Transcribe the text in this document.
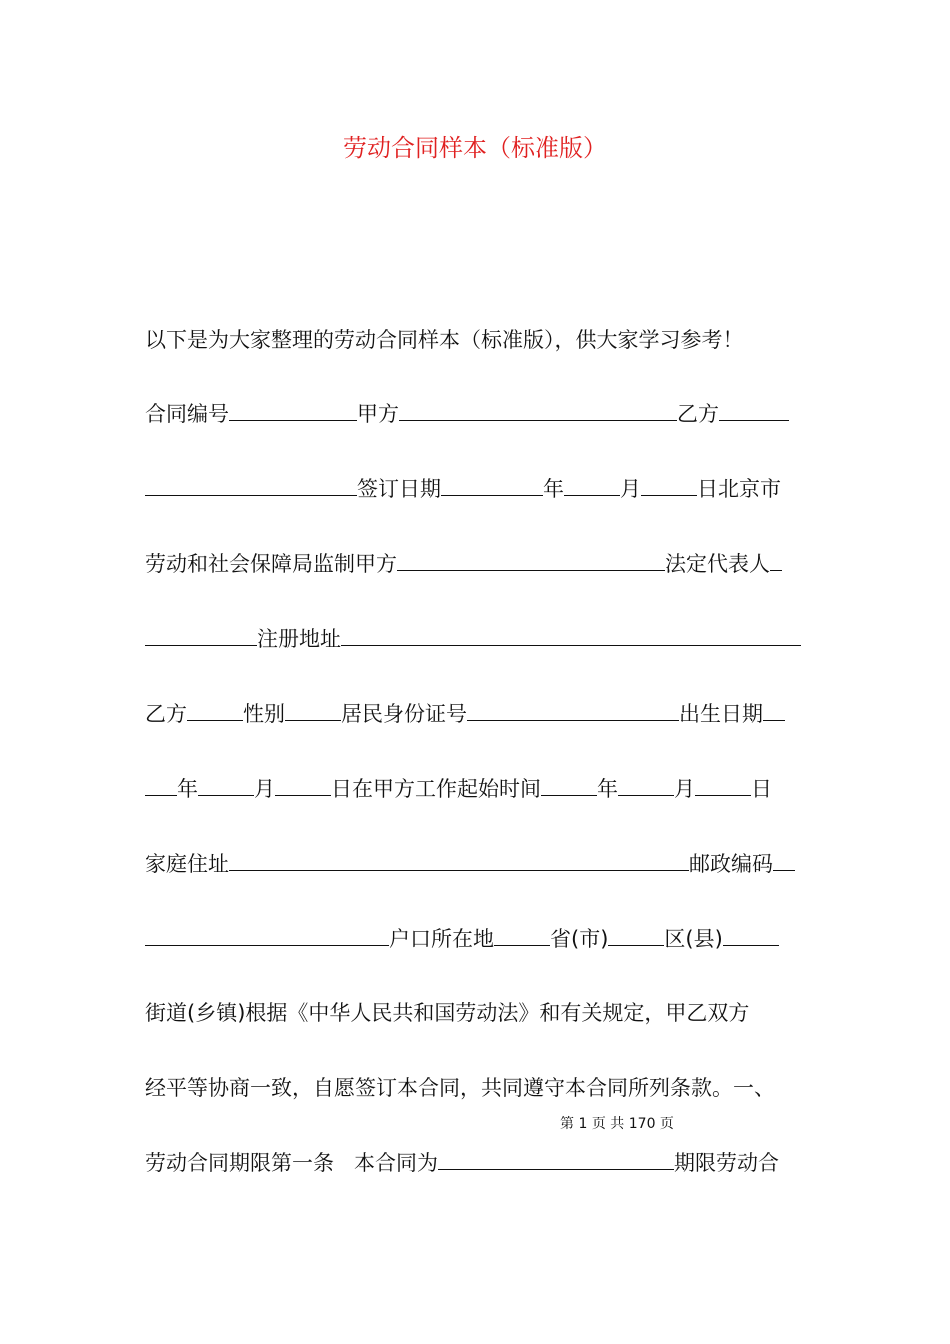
劳动合同样本（标准版）
以下是为大家整理的劳动合同样本（标准版），供大家学习参考！
合同编号	甲方	乙方
签订日期	年	月	日北京市
劳动和社会保障局监制甲方	法定代表人
注册地址
乙方	性别	居民身份证号	出生日期
年	月	日在甲方工作起始时间	年	月	日
家庭住址	邮政编码
户口所在地	省(市)	区(县)
街道(乡镇)根据《中华人民共和国劳动法》和有关规定，甲乙双方
经平等协商一致，自愿签订本合同，共同遵守本合同所列条款。一、
第 1 页 共 170 页
劳动合同期限第一条 本合同为	期限劳动合
